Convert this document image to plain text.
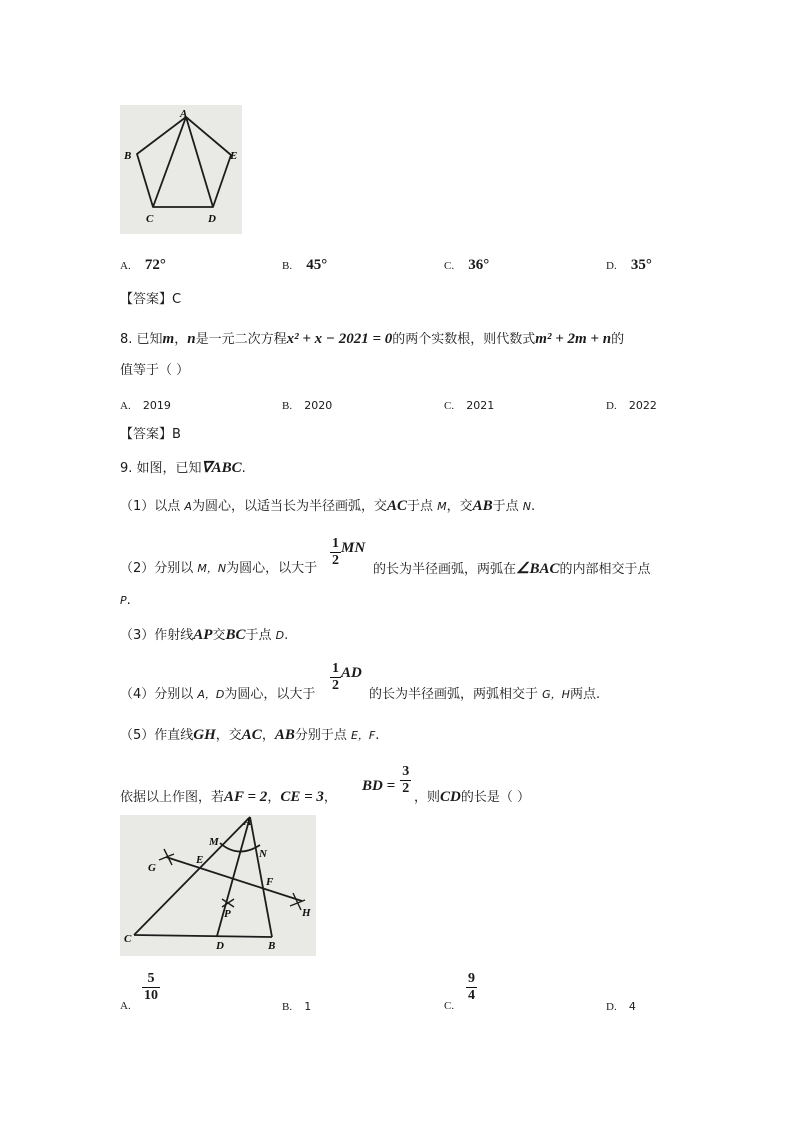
A
B
C	D
E
A. 72°	B. 45°	C. 36°	D. 35°
【答案】C
8. 已知m，n是一元二次方程x² + x − 2021 = 0的两个实数根，则代数式m² + 2m + n的
值等于（ ）
A. 2019	B. 2020	C. 2021	D. 2022
【答案】B
9. 如图，已知∇ABC.
（1）以点 A为圆心，以适当长为半径画弧，交AC于点 M，交AB于点 N.
（2）分别以 M，N为圆心，以大于 $\frac{1}{2}$ MN
的长为半径画弧，两弧在∠BAC的内部相交于点
P.
（3）作射线AP交BC于点 D.
（4）分别以 A，D为圆心，以大于
$\frac{1}{2}$ AD
的长为半径画弧，两弧相交于 G，H两点.
（5）作直线GH，交AC，AB分别于点 E，F.
依据以上作图，若AF = 2，CE = 3，
BD = $\frac{3}{2}$
，则CD的长是（ ）
A
M
N
G
E
F
P	H
C
D	B
A.
$\frac{5}{10}$
B. 1	C.
$\frac{9}{4}$
D. 4
